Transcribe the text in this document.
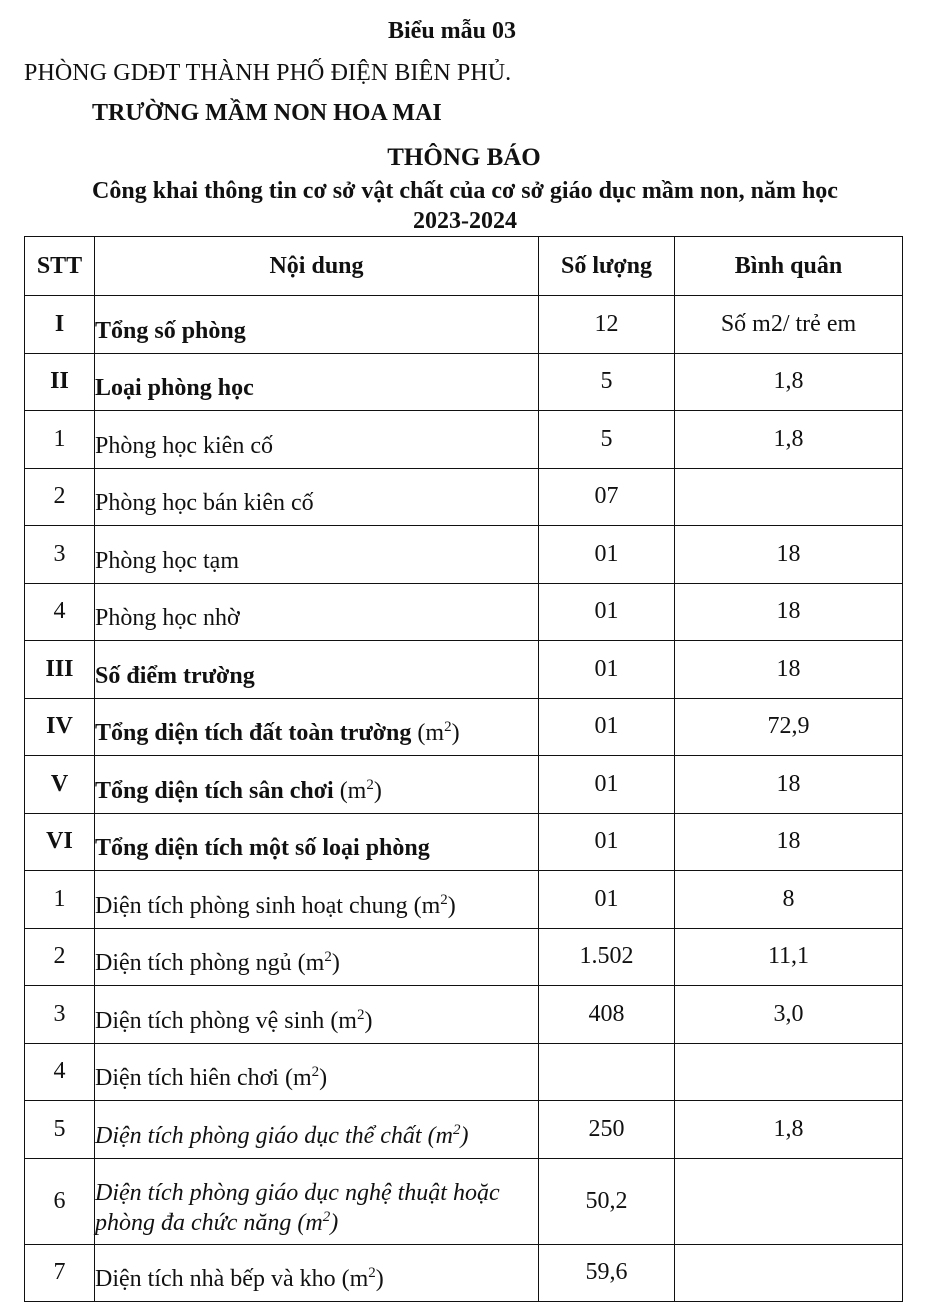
Biểu mẫu 03
PHÒNG GDĐT THÀNH PHỐ ĐIỆN BIÊN PHỦ.
TRƯỜNG MẦM NON HOA MAI
THÔNG BÁO
Công khai thông tin cơ sở vật chất của cơ sở giáo dục mầm non, năm học
2023-2024
STT	Nội dung	Số lượng	Bình quân
I	Tổng số phòng	12	Số m2/ trẻ em
II	Loại phòng học	5	1,8
1	Phòng học kiên cố	5	1,8
2	Phòng học bán kiên cố	07	
3	Phòng học tạm	01	18
4	Phòng học nhờ	01	18
III	Số điểm trường	01	18
IV	Tổng diện tích đất toàn trường $(m^2)$	01	72,9
V	Tổng diện tích sân chơi $(m^2)$	01	18
VI	Tổng diện tích một số loại phòng	01	18
1	Diện tích phòng sinh hoạt chung $(m^2)$	01	8
2	Diện tích phòng ngủ $(m^2)$	1.502	11,1
3	Diện tích phòng vệ $\sinh (m^2)$	408	3,0
4	Diện tích hiên chơi $(m^2)$		
5	Diện tích phòng giáo dục thể chất $(m^2)$	250	1,8
6	Diện tích phòng giáo dục nghệ thuật hoặc phòng đa chức năng $(m^2)$	50,2	
7	Diện tích nhà bếp và kho $(m^2)$	59,6	
